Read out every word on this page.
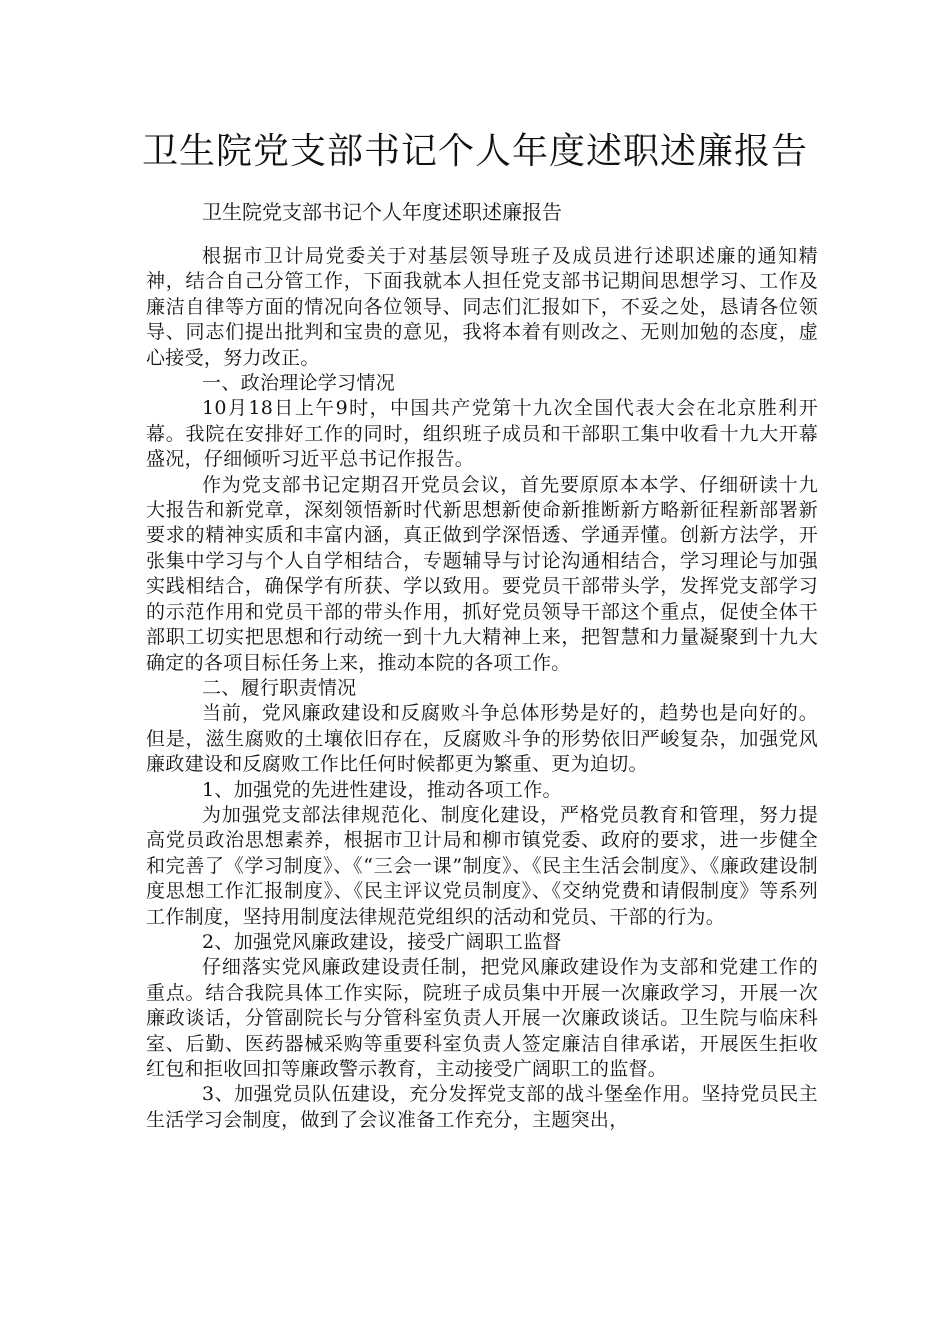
卫生院党支部书记个人年度述职述廉报告
卫生院党支部书记个人年度述职述廉报告

根据市卫计局党委关于对基层领导班子及成员进行述职述廉的通知精神，结合自己分管工作，下面我就本人担任党支部书记期间思想学习、工作及廉洁自律等方面的情况向各位领导、同志们汇报如下，不妥之处，恳请各位领导、同志们提出批判和宝贵的意见，我将本着有则改之、无则加勉的态度，虚心接受，努力改正。

一、政治理论学习情况

10月18日上午9时，中国共产党第十九次全国代表大会在北京胜利开幕。我院在安排好工作的同时，组织班子成员和干部职工集中收看十九大开幕盛况，仔细倾听习近平总书记作报告。

作为党支部书记定期召开党员会议，首先要原原本本学、仔细研读十九大报告和新党章，深刻领悟新时代新思想新使命新推断新方略新征程新部署新要求的精神实质和丰富内涵，真正做到学深悟透、学通弄懂。创新方法学，开张集中学习与个人自学相结合，专题辅导与讨论沟通相结合，学习理论与加强实践相结合，确保学有所获、学以致用。要党员干部带头学，发挥党支部学习的示范作用和党员干部的带头作用，抓好党员领导干部这个重点，促使全体干部职工切实把思想和行动统一到十九大精神上来，把智慧和力量凝聚到十九大确定的各项目标任务上来，推动本院的各项工作。

二、履行职责情况

当前，党风廉政建设和反腐败斗争总体形势是好的，趋势也是向好的。但是，滋生腐败的土壤依旧存在，反腐败斗争的形势依旧严峻复杂，加强党风廉政建设和反腐败工作比任何时候都更为繁重、更为迫切。

1、加强党的先进性建设，推动各项工作。

为加强党支部法律规范化、制度化建设，严格党员教育和管理，努力提高党员政治思想素养，根据市卫计局和柳市镇党委、政府的要求，进一步健全和完善了《学习制度》、《“三会一课”制度》、《民主生活会制度》、《廉政建设制度思想工作汇报制度》、《民主评议党员制度》、《交纳党费和请假制度》等系列工作制度，坚持用制度法律规范党组织的活动和党员、干部的行为。

2、加强党风廉政建设，接受广阔职工监督

仔细落实党风廉政建设责任制，把党风廉政建设作为支部和党建工作的重点。结合我院具体工作实际，院班子成员集中开展一次廉政学习，开展一次廉政谈话，分管副院长与分管科室负责人开展一次廉政谈话。卫生院与临床科室、后勤、医药器械采购等重要科室负责人签定廉洁自律承诺，开展医生拒收红包和拒收回扣等廉政警示教育，主动接受广阔职工的监督。

3、加强党员队伍建设，充分发挥党支部的战斗堡垒作用。坚持党员民主生活学习会制度，做到了会议准备工作充分，主题突出，
